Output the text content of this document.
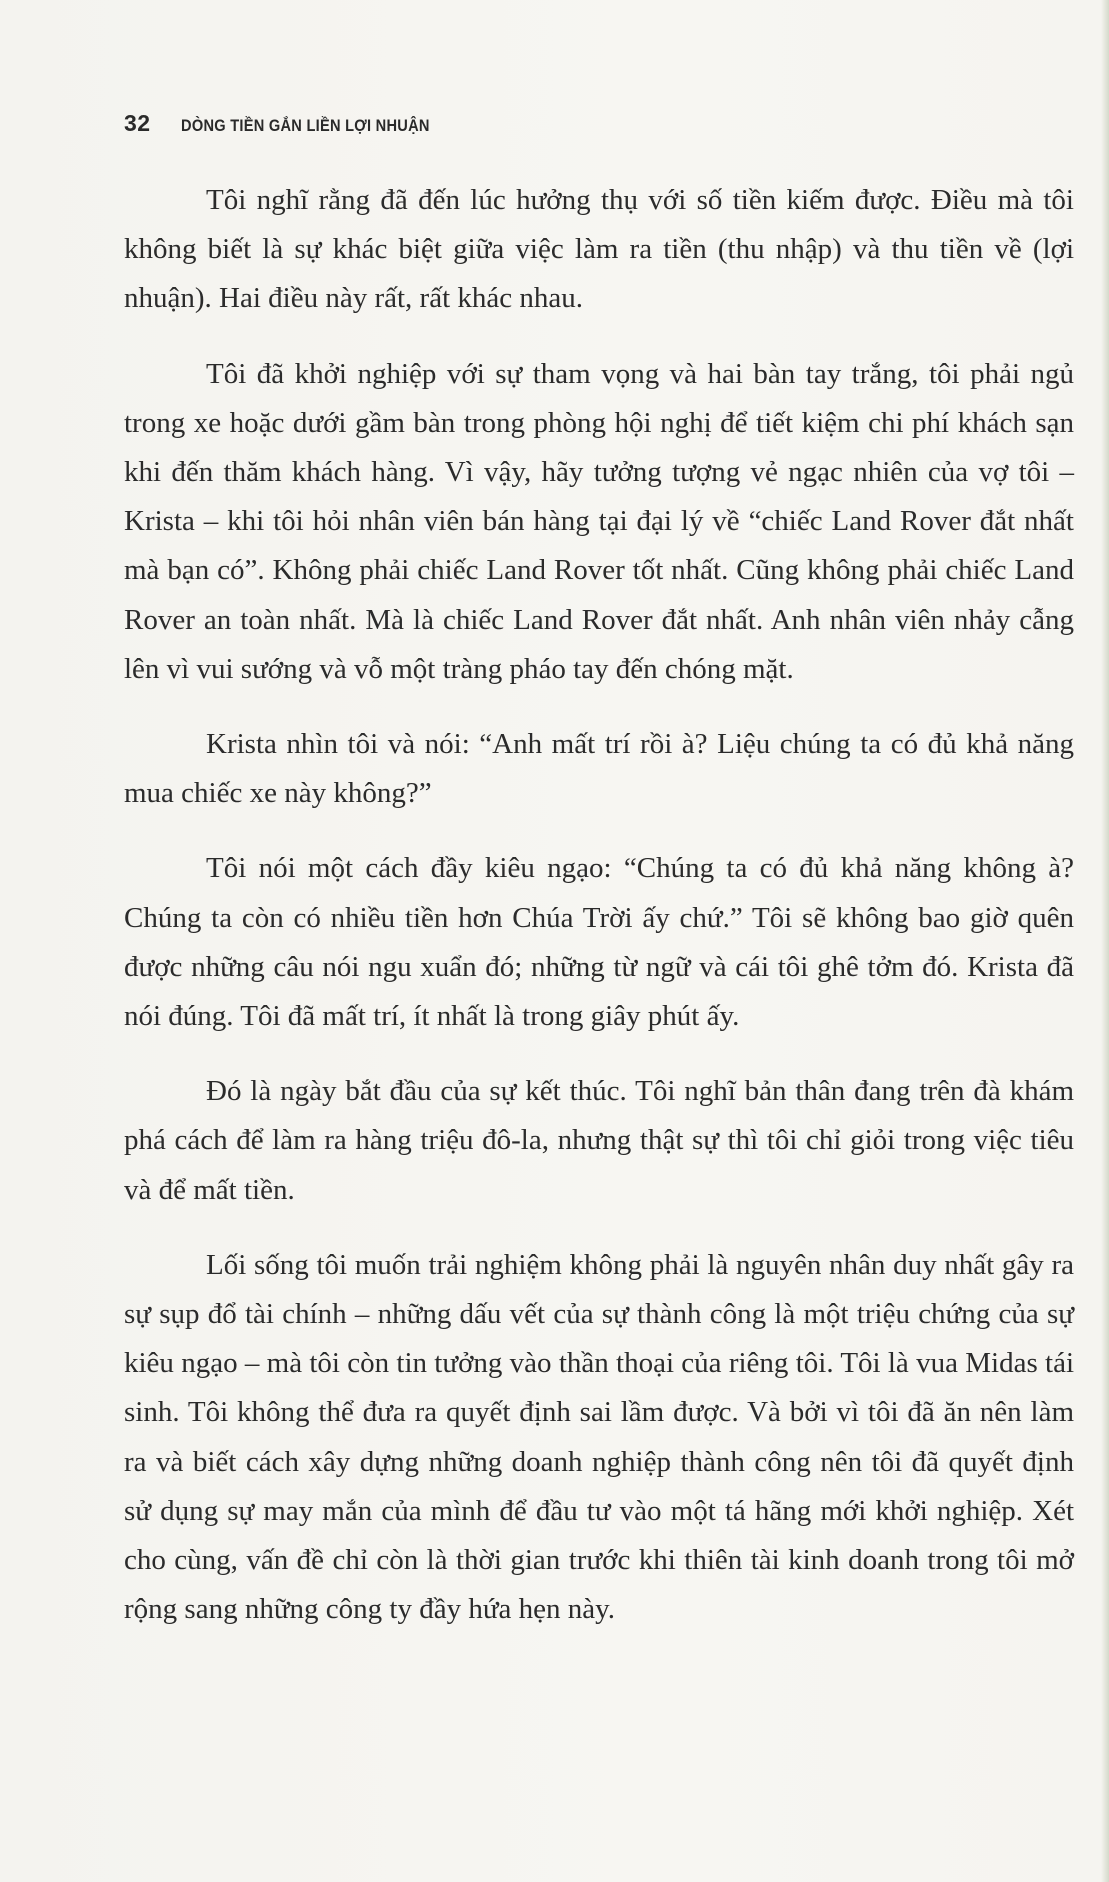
32 DÒNG TIỀN GẮN LIỀN LỢI NHUẬN

Tôi nghĩ rằng đã đến lúc hưởng thụ với số tiền kiếm được. Điều mà tôi không biết là sự khác biệt giữa việc làm ra tiền (thu nhập) và thu tiền về (lợi nhuận). Hai điều này rất, rất khác nhau.

Tôi đã khởi nghiệp với sự tham vọng và hai bàn tay trắng, tôi phải ngủ trong xe hoặc dưới gầm bàn trong phòng hội nghị để tiết kiệm chi phí khách sạn khi đến thăm khách hàng. Vì vậy, hãy tưởng tượng vẻ ngạc nhiên của vợ tôi – Krista – khi tôi hỏi nhân viên bán hàng tại đại lý về “chiếc Land Rover đắt nhất mà bạn có”. Không phải chiếc Land Rover tốt nhất. Cũng không phải chiếc Land Rover an toàn nhất. Mà là chiếc Land Rover đắt nhất. Anh nhân viên nhảy cẫng lên vì vui sướng và vỗ một tràng pháo tay đến chóng mặt.

Krista nhìn tôi và nói: “Anh mất trí rồi à? Liệu chúng ta có đủ khả năng mua chiếc xe này không?”

Tôi nói một cách đầy kiêu ngạo: “Chúng ta có đủ khả năng không à? Chúng ta còn có nhiều tiền hơn Chúa Trời ấy chứ.” Tôi sẽ không bao giờ quên được những câu nói ngu xuẩn đó; những từ ngữ và cái tôi ghê tởm đó. Krista đã nói đúng. Tôi đã mất trí, ít nhất là trong giây phút ấy.

Đó là ngày bắt đầu của sự kết thúc. Tôi nghĩ bản thân đang trên đà khám phá cách để làm ra hàng triệu đô-la, nhưng thật sự thì tôi chỉ giỏi trong việc tiêu và để mất tiền.

Lối sống tôi muốn trải nghiệm không phải là nguyên nhân duy nhất gây ra sự sụp đổ tài chính – những dấu vết của sự thành công là một triệu chứng của sự kiêu ngạo – mà tôi còn tin tưởng vào thần thoại của riêng tôi. Tôi là vua Midas tái sinh. Tôi không thể đưa ra quyết định sai lầm được. Và bởi vì tôi đã ăn nên làm ra và biết cách xây dựng những doanh nghiệp thành công nên tôi đã quyết định sử dụng sự may mắn của mình để đầu tư vào một tá hãng mới khởi nghiệp. Xét cho cùng, vấn đề chỉ còn là thời gian trước khi thiên tài kinh doanh trong tôi mở rộng sang những công ty đầy hứa hẹn này.
